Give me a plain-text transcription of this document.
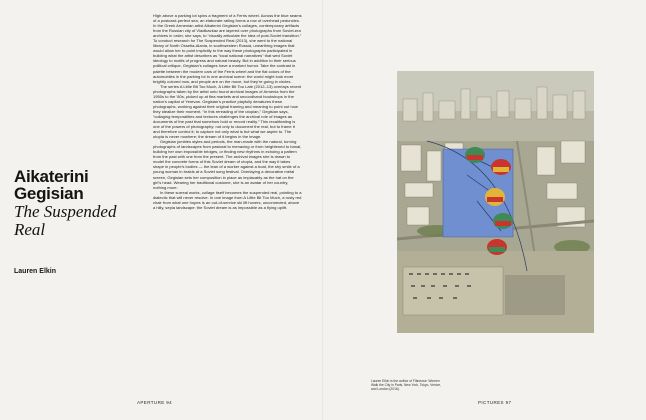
Aikaterini
Gegisian
The Suspended
Real
Lauren Elkin

High above a parking lot spins a fragment of a Ferris wheel. Across the blue seams of a postcard-perfect sea, an elaborate railing forms a row of overhead peduncles. In the Greek Armenian artist Aikaterini Gegisian’s collages, contemporary artifacts from the Russian city of Vladikavkaz are layered over photographs from Soviet-era archives in order, she says, to “visually articulate the idea of post-Soviet transition.” To conduct research for The Suspended Real (2013), she went to the national library of North Ossetia-Alania, in southwestern Russia, unearthing images that would allow her to point implicitly to the way these photographs participated in building what the artist describes as “local national narratives” that wed Soviet ideology to motifs of progress and natural beauty. But in addition to their serious political critique, Gegisian’s collages have a marked humor. Take the contrast in palette between the modern cars of the Ferris wheel and the flat colors of the automobiles in the parking lot in one archival scene: the world might look more brightly colored now, and people are on the move, but they’re going in circles.

The series A Little Bit Too Much, A Little Bit Too Late (2012–13) overlays recent photographs taken by the artist onto found archival images of Armenia from the 1950s to the ’80s, picked up at flea markets and secondhand bookshops in the nation’s capital of Yerevan. Gegisian’s practice playfully denatures these photographs, working against their original framing and meaning to point out how they idealize their moment. “In this rereading of the utopian,” Gegisian says, “collaging temporalities and textures challenges the archival role of images as documents of the past that somehow hold or record reality.” This recalibrating is one of the powers of photography: not only to document the real, but to frame it and therefore control it; to capture not only what is but what we aspire to. The utopia is never nowhere; the dream of it begins in the image.

Gegisian jumbles styles and periods, the man-made with the natural, turning photographs of landscapes from pastoral to menacing or from heightened to banal, building her own impossible bridges, or finding new rhythms in echoing a pattern from the past with one from the present. The archival images she is drawn to model the concrete forms of this Soviet dream of utopia, and the way it takes shape in people’s bodies — the lean of a worker against a boat, the shy smile of a young woman in braids at a Soviet song festival. Overlaying a decorative metal screen, Gegisian sets her composition in place as implacably as the hat on the girl’s head. Wearing her traditional costume, she is an avatar of her country, nothing more.

In these surreal works, collage itself becomes the suspended real, pointing to a dialectic that will never resolve. In one image from A Little Bit Too Much, a rusty red chair from what one hopes is an out-of-service ski lift hovers, unconnected, above a hilly, sepia landscape: the Soviet dream is as impossible as a flying uplift.

APERTURE 94
Lauren Elkin is the author of Flâneuse: Women Walk the City in Paris, New York, Tokyo, Venice, and London (2016).
PICTURES 97
